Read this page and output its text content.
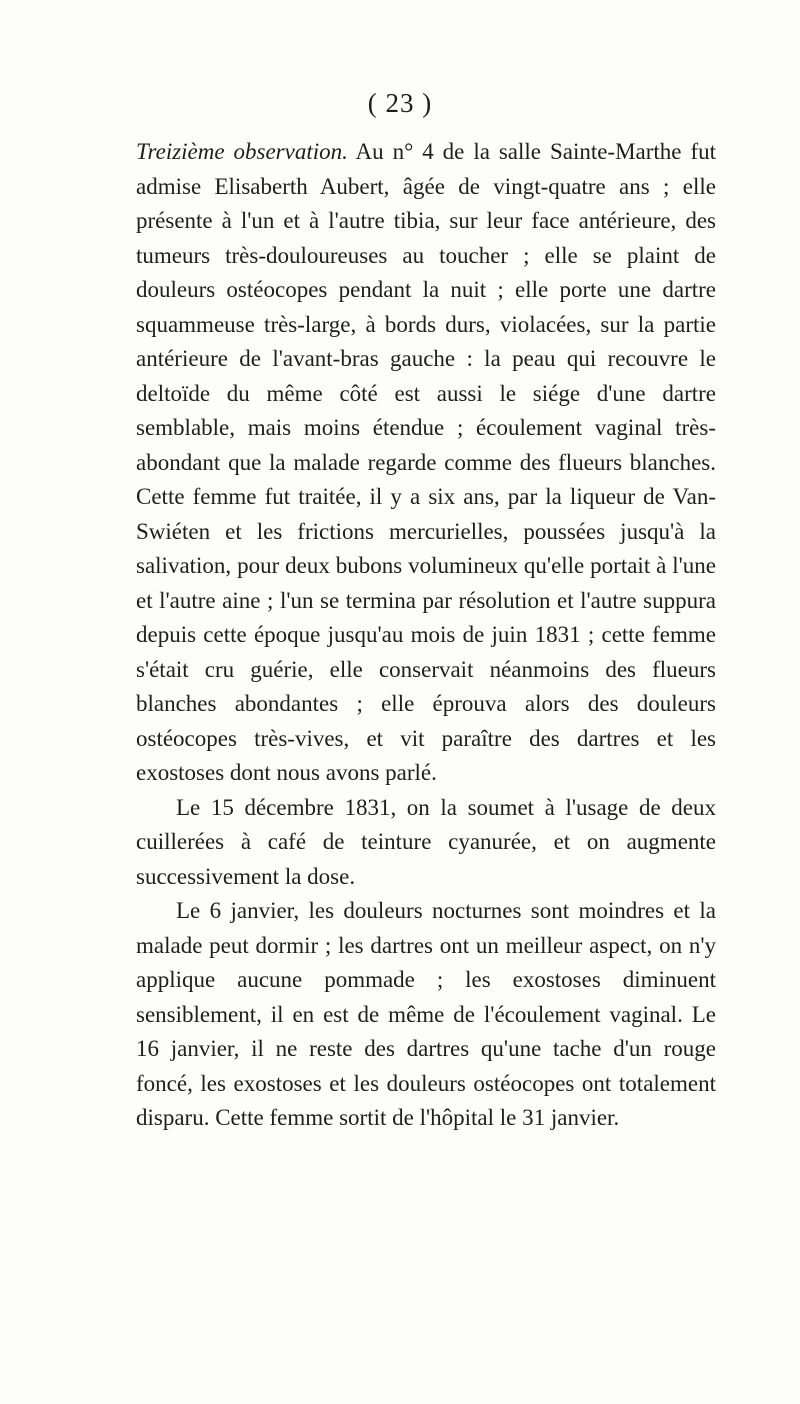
( 23 )

Treizième observation. Au n° 4 de la salle Sainte-Marthe fut admise Elisaberth Aubert, âgée de vingt-quatre ans ; elle présente à l'un et à l'autre tibia, sur leur face antérieure, des tumeurs très-douloureuses au toucher ; elle se plaint de douleurs ostéocopes pendant la nuit ; elle porte une dartre squammeuse très-large, à bords durs, violacées, sur la partie antérieure de l'avant-bras gauche : la peau qui recouvre le deltoïde du même côté est aussi le siége d'une dartre semblable, mais moins étendue ; écoulement vaginal très-abondant que la malade regarde comme des flueurs blanches. Cette femme fut traitée, il y a six ans, par la liqueur de Van-Swiéten et les frictions mercurielles, poussées jusqu'à la salivation, pour deux bubons volumineux qu'elle portait à l'une et l'autre aine ; l'un se termina par résolution et l'autre suppura depuis cette époque jusqu'au mois de juin 1831 ; cette femme s'était cru guérie, elle conservait néanmoins des flueurs blanches abondantes ; elle éprouva alors des douleurs ostéocopes très-vives, et vit paraître des dartres et les exostoses dont nous avons parlé.

Le 15 décembre 1831, on la soumet à l'usage de deux cuillerées à café de teinture cyanurée, et on augmente successivement la dose.

Le 6 janvier, les douleurs nocturnes sont moindres et la malade peut dormir ; les dartres ont un meilleur aspect, on n'y applique aucune pommade ; les exostoses diminuent sensiblement, il en est de même de l'écoulement vaginal. Le 16 janvier, il ne reste des dartres qu'une tache d'un rouge foncé, les exostoses et les douleurs ostéocopes ont totalement disparu. Cette femme sortit de l'hôpital le 31 janvier.
